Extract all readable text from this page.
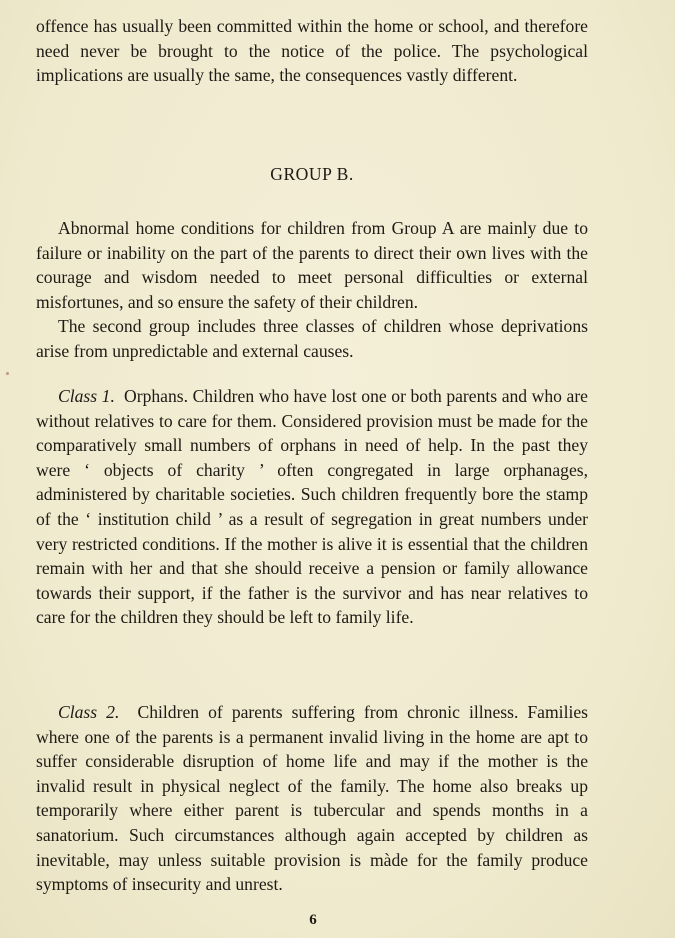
offence has usually been committed within the home or school, and therefore need never be brought to the notice of the police. The psychological implications are usually the same, the consequences vastly different.

GROUP B.

Abnormal home conditions for children from Group A are mainly due to failure or inability on the part of the parents to direct their own lives with the courage and wisdom needed to meet personal difficulties or external misfortunes, and so ensure the safety of their children.

The second group includes three classes of children whose deprivations arise from unpredictable and external causes.

Class 1. Orphans. Children who have lost one or both parents and who are without relatives to care for them. Considered provision must be made for the comparatively small numbers of orphans in need of help. In the past they were ‘ objects of charity ’ often congregated in large orphanages, administered by charitable societies. Such children frequently bore the stamp of the ‘ institution child ’ as a result of segregation in great numbers under very restricted conditions. If the mother is alive it is essential that the children remain with her and that she should receive a pension or family allowance towards their support, if the father is the survivor and has near relatives to care for the children they should be left to family life.

Class 2. Children of parents suffering from chronic illness. Families where one of the parents is a permanent invalid living in the home are apt to suffer considerable disruption of home life and may if the mother is the invalid result in physical neglect of the family. The home also breaks up temporarily where either parent is tubercular and spends months in a sanatorium. Such circumstances although again accepted by children as inevitable, may unless suitable provision is màde for the family produce symptoms of insecurity and unrest.

6
